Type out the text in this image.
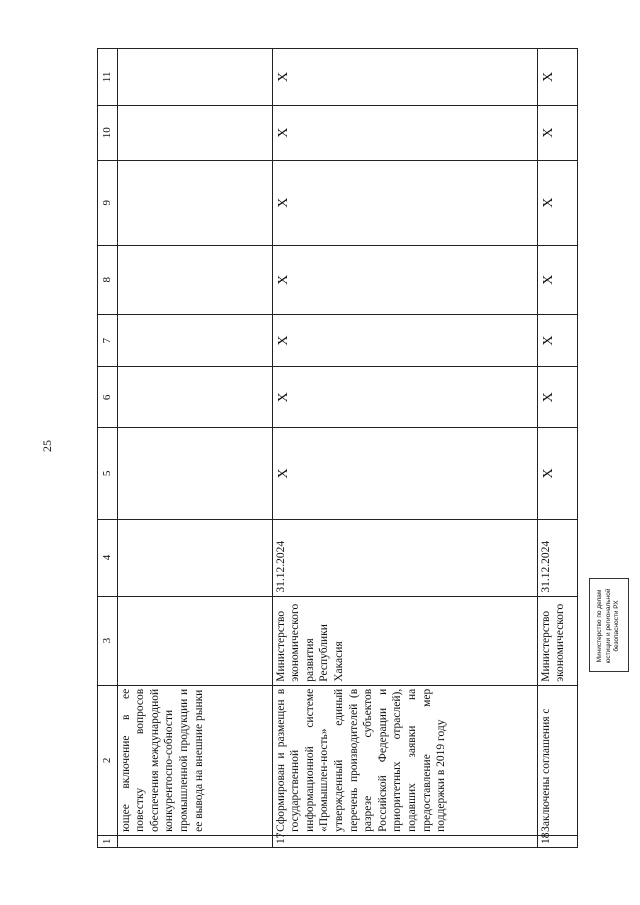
25
1	2	3	4	5	6	7	8	9	10	11
	ющее включение в ее повестку вопросов обеспечения международной конкурентоспо-собности промышленной продукции и ее вывода на внешние рынки									
17	Сформирован и размещен в государственной информационной системе «Промышлен-ность» утвержденный единый перечень производителей (в разрезе субъектов Российской Федерации и приоритетных отраслей), подавших заявки на предоставление мер поддержки в 2019 году	Министерство экономического развития Республики Хакасия	31.12.2024	X	X	X	X	X	X	X
18	Заключены соглашения с	Министерство экономического	31.12.2024	X	X	X	X	X	X	X
Министерство по делам юстиции и региональной безопасности РХ
